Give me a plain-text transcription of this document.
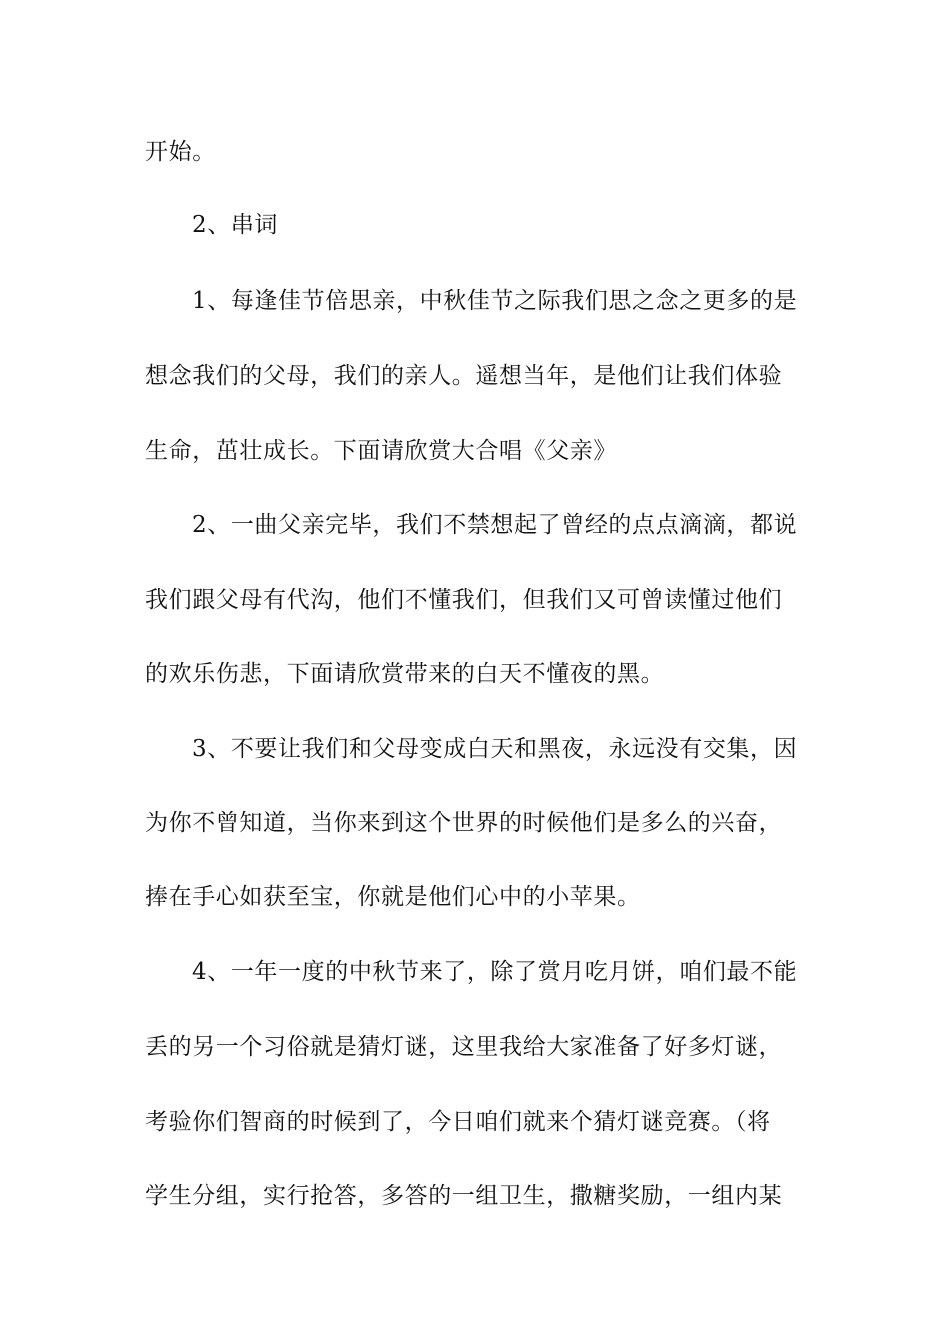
开始。
2、串词
1、每逢佳节倍思亲，中秋佳节之际我们思之念之更多的是
想念我们的父母，我们的亲人。遥想当年，是他们让我们体验
生命，茁壮成长。下面请欣赏大合唱《父亲》
2、一曲父亲完毕，我们不禁想起了曾经的点点滴滴，都说
我们跟父母有代沟，他们不懂我们，但我们又可曾读懂过他们
的欢乐伤悲，下面请欣赏带来的白天不懂夜的黑。
3、不要让我们和父母变成白天和黑夜，永远没有交集，因
为你不曾知道，当你来到这个世界的时候他们是多么的兴奋，
捧在手心如获至宝，你就是他们心中的小苹果。
4、一年一度的中秋节来了，除了赏月吃月饼，咱们最不能
丢的另一个习俗就是猜灯谜，这里我给大家准备了好多灯谜，
考验你们智商的时候到了，今日咱们就来个猜灯谜竞赛。（将
学生分组，实行抢答，多答的一组卫生，撒糖奖励，一组内某
